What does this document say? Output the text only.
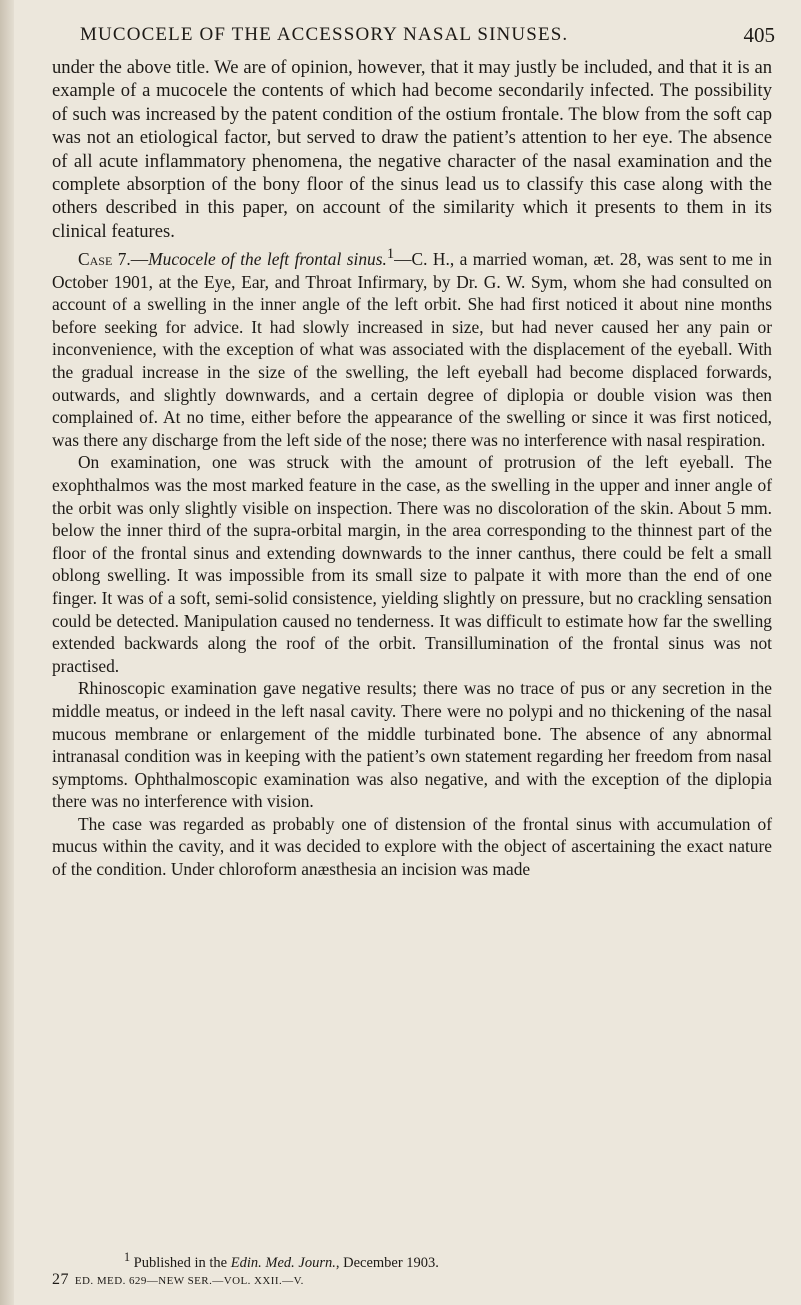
MUCOCELE OF THE ACCESSORY NASAL SINUSES.	405

under the above title. We are of opinion, however, that it may justly be included, and that it is an example of a mucocele the contents of which had become secondarily infected. The possibility of such was increased by the patent condition of the ostium frontale. The blow from the soft cap was not an etiological factor, but served to draw the patient’s attention to her eye. The absence of all acute inflammatory phenomena, the negative character of the nasal examination and the complete absorption of the bony floor of the sinus lead us to classify this case along with the others described in this paper, on account of the similarity which it presents to them in its clinical features.

Case 7.—Mucocele of the left frontal sinus.$^1$—C. H., a married woman, æt. 28, was sent to me in October 1901, at the Eye, Ear, and Throat Infirmary, by Dr. G. W. Sym, whom she had consulted on account of a swelling in the inner angle of the left orbit. She had first noticed it about nine months before seeking for advice. It had slowly increased in size, but had never caused her any pain or inconvenience, with the exception of what was associated with the displacement of the eyeball. With the gradual increase in the size of the swelling, the left eyeball had become displaced forwards, outwards, and slightly downwards, and a certain degree of diplopia or double vision was then complained of. At no time, either before the appearance of the swelling or since it was first noticed, was there any discharge from the left side of the nose; there was no interference with nasal respiration.

On examination, one was struck with the amount of protrusion of the left eyeball. The exophthalmos was the most marked feature in the case, as the swelling in the upper and inner angle of the orbit was only slightly visible on inspection. There was no discoloration of the skin. About 5 mm. below the inner third of the supra-orbital margin, in the area corresponding to the thinnest part of the floor of the frontal sinus and extending downwards to the inner canthus, there could be felt a small oblong swelling. It was impossible from its small size to palpate it with more than the end of one finger. It was of a soft, semi-solid consistence, yielding slightly on pressure, but no crackling sensation could be detected. Manipulation caused no tenderness. It was difficult to estimate how far the swelling extended backwards along the roof of the orbit. Transillumination of the frontal sinus was not practised.

Rhinoscopic examination gave negative results; there was no trace of pus or any secretion in the middle meatus, or indeed in the left nasal cavity. There were no polypi and no thickening of the nasal mucous membrane or enlargement of the middle turbinated bone. The absence of any abnormal intranasal condition was in keeping with the patient’s own statement regarding her freedom from nasal symptoms. Ophthalmoscopic examination was also negative, and with the exception of the diplopia there was no interference with vision.

The case was regarded as probably one of distension of the frontal sinus with accumulation of mucus within the cavity, and it was decided to explore with the object of ascertaining the exact nature of the condition. Under chloroform anæsthesia an incision was made

$^1$ Published in the Edin. Med. Journ., December 1903.
27 ED. MED. 629—NEW SER.—VOL. XXII.—V.
